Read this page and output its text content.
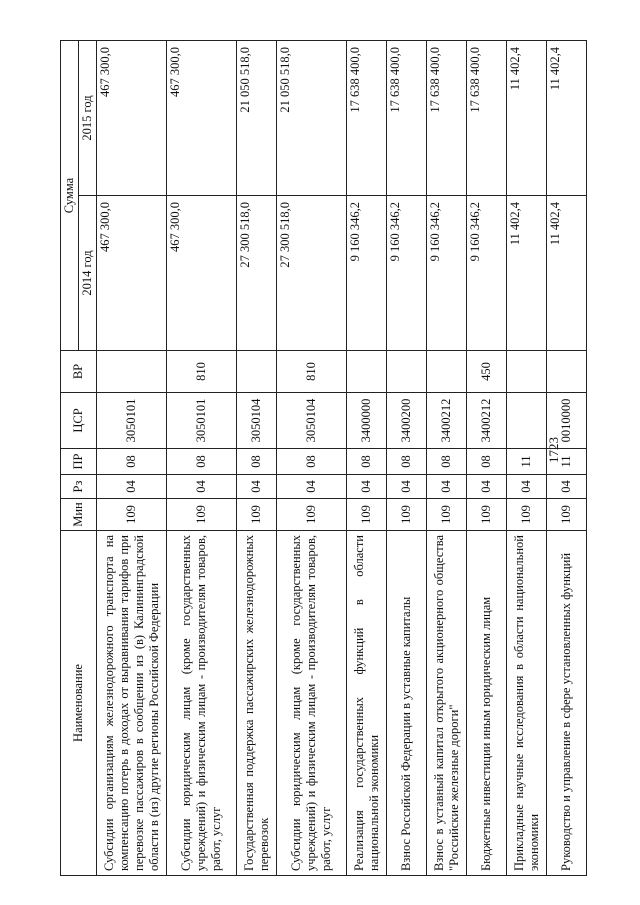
1723
Наименование	Мин	Рз	ПР	ЦСР	ВР	Сумма	
						2014 год	2015 год
Субсидии организациям железнодорожного транспорта на компенсацию потерь в доходах от выравнивания тарифов при перевозке пассажиров в сообщении из (в) Калининградской области в (из) другие регионы Российской Федерации	109	04	08	3050101		467 300,0	467 300,0
Субсидии юридическим лицам (кроме государственных учреждений) и физическим лицам - производителям товаров, работ, услуг	109	04	08	3050101	810	467 300,0	467 300,0
Государственная поддержка пассажирских железнодорожных перевозок	109	04	08	3050104		27 300 518,0	21 050 518,0
Субсидии юридическим лицам (кроме государственных учреждений) и физическим лицам - производителям товаров, работ, услуг	109	04	08	3050104	810	27 300 518,0	21 050 518,0
Реализация государственных функций в области национальной экономики	109	04	08	3400000		9 160 346,2	17 638 400,0
Взнос Российской Федерации в уставные капиталы	109	04	08	3400200		9 160 346,2	17 638 400,0
Взнос в уставный капитал открытого акционерного общества "Российские железные дороги"	109	04	08	3400212		9 160 346,2	17 638 400,0
Бюджетные инвестиции иным юридическим лицам	109	04	08	3400212	450	9 160 346,2	17 638 400,0
Прикладные научные исследования в области национальной экономики	109	04	11			11 402,4	11 402,4
Руководство и управление в сфере установленных функций	109	04	11	0010000		11 402,4	11 402,4
